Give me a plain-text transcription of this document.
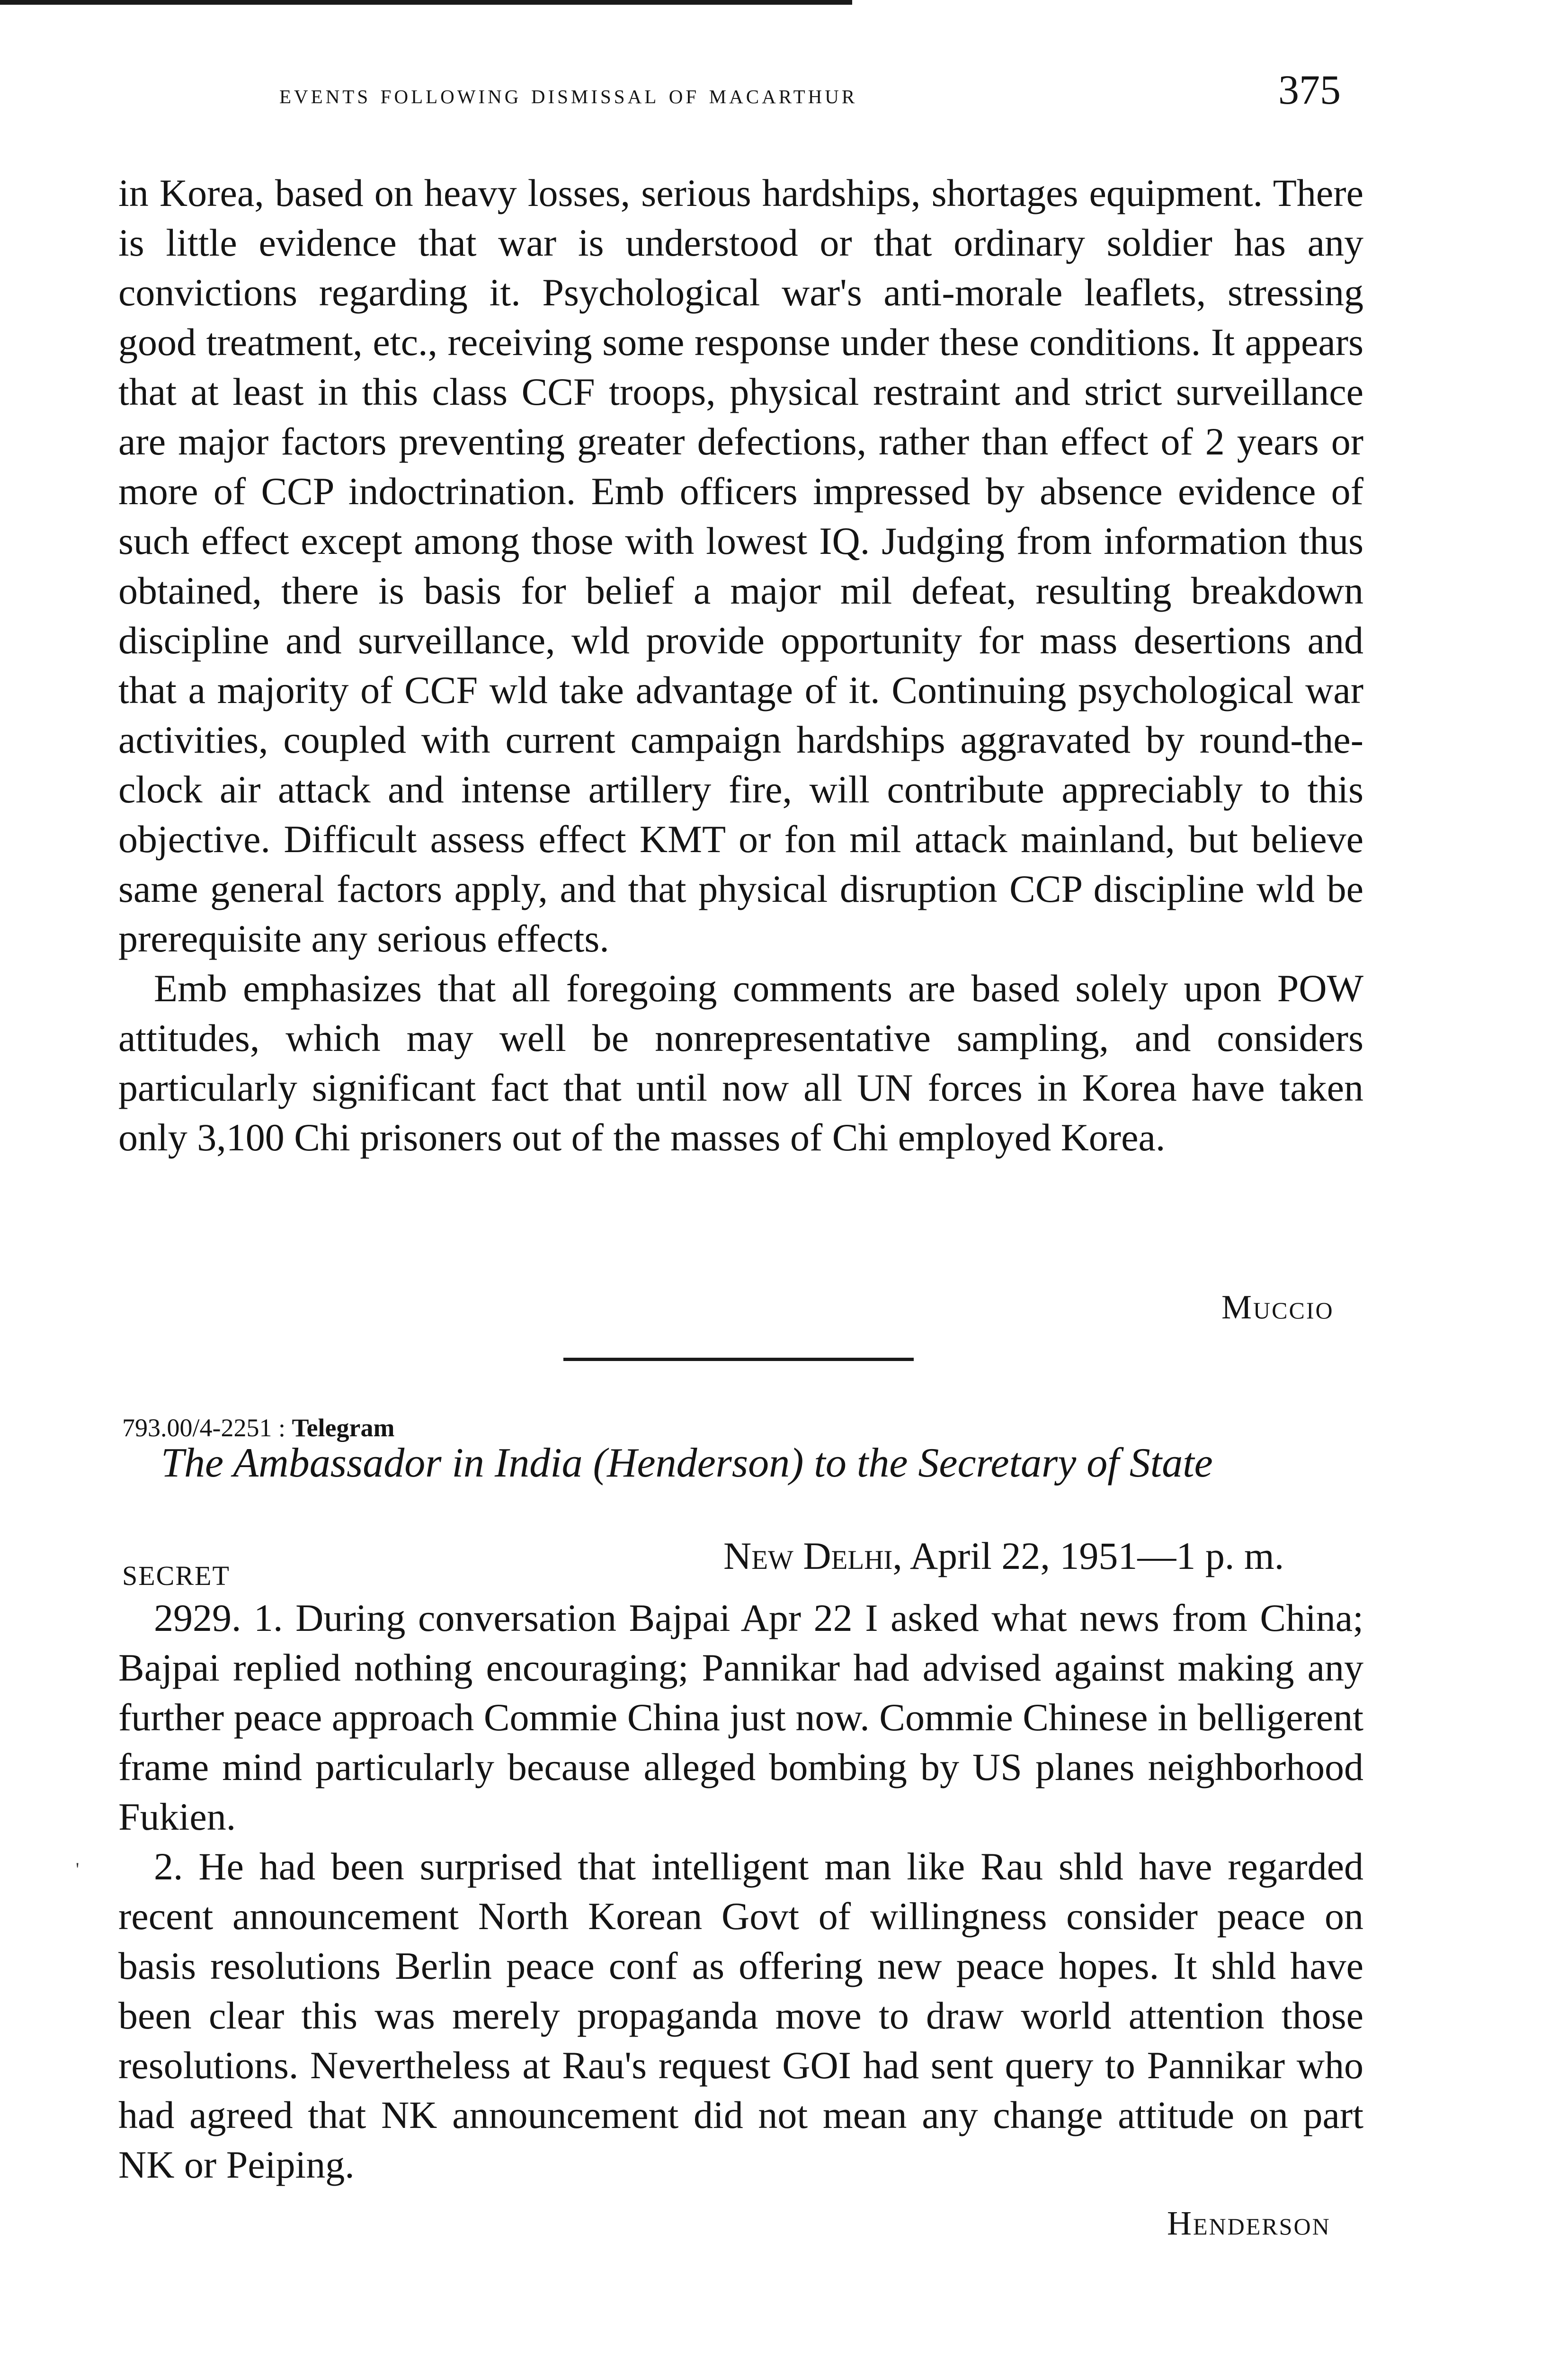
events following dismissal of macarthur	375

in Korea, based on heavy losses, serious hardships, shortages equipment. There is little evidence that war is understood or that ordinary soldier has any convictions regarding it. Psychological war's anti-morale leaflets, stressing good treatment, etc., receiving some response under these conditions. It appears that at least in this class CCF troops, physical restraint and strict surveillance are major factors preventing greater defections, rather than effect of 2 years or more of CCP indoctrination. Emb officers impressed by absence evidence of such effect except among those with lowest IQ. Judging from information thus obtained, there is basis for belief a major mil defeat, resulting breakdown discipline and surveillance, wld provide opportunity for mass desertions and that a majority of CCF wld take advantage of it. Continuing psychological war activities, coupled with current campaign hardships aggravated by round-the-clock air attack and intense artillery fire, will contribute appreciably to this objective. Difficult assess effect KMT or fon mil attack mainland, but believe same general factors apply, and that physical disruption CCP discipline wld be prerequisite any serious effects.

Emb emphasizes that all foregoing comments are based solely upon POW attitudes, which may well be nonrepresentative sampling, and considers particularly significant fact that until now all UN forces in Korea have taken only 3,100 Chi prisoners out of the masses of Chi employed Korea.

Muccio
793.00/4-2251 : Telegram
The Ambassador in India (Henderson) to the Secretary of State
SECRET	New Delhi, April 22, 1951—1 p. m.
'

2929. 1. During conversation Bajpai Apr 22 I asked what news from China; Bajpai replied nothing encouraging; Pannikar had advised against making any further peace approach Commie China just now. Commie Chinese in belligerent frame mind particularly because alleged bombing by US planes neighborhood Fukien.

2. He had been surprised that intelligent man like Rau shld have regarded recent announcement North Korean Govt of willingness consider peace on basis resolutions Berlin peace conf as offering new peace hopes. It shld have been clear this was merely propaganda move to draw world attention those resolutions. Nevertheless at Rau's request GOI had sent query to Pannikar who had agreed that NK announcement did not mean any change attitude on part NK or Peiping.

Henderson
